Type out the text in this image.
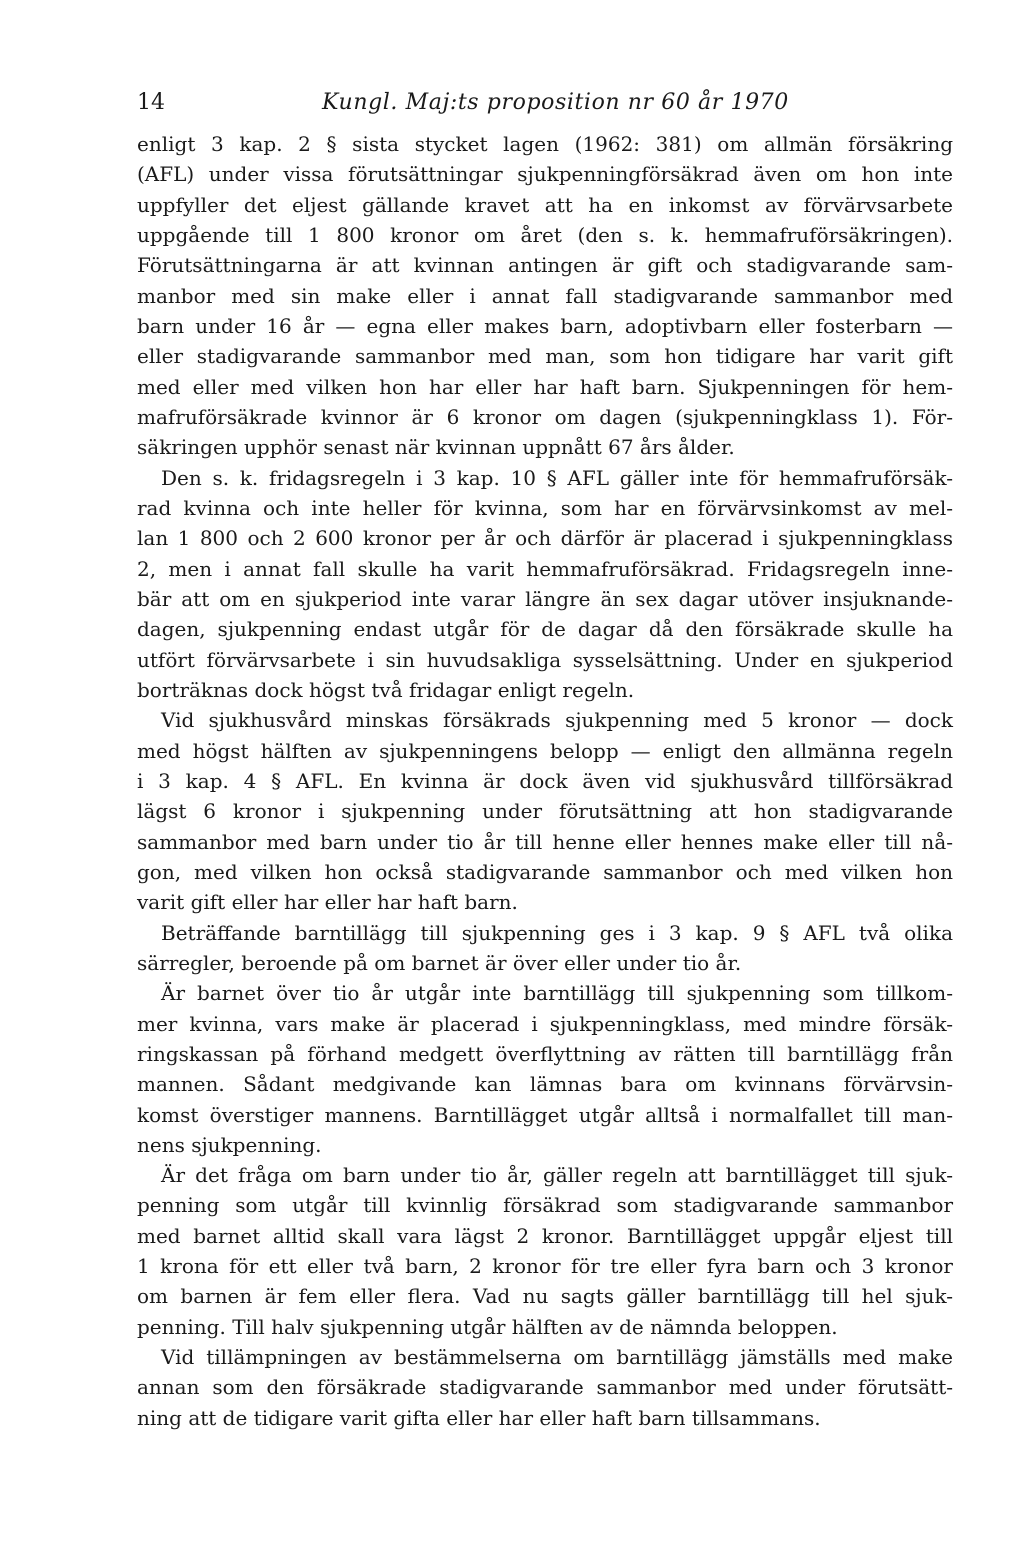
14	Kungl. Maj:ts proposition nr 60 år 1970
enligt 3 kap. 2 § sista stycket lagen (1962: 381) om allmän försäkring
(AFL) under vissa förutsättningar sjukpenningförsäkrad även om hon inte
uppfyller det eljest gällande kravet att ha en inkomst av förvärvsarbete
uppgående till 1 800 kronor om året (den s. k. hemmafruförsäkringen).
Förutsättningarna är att kvinnan antingen är gift och stadigvarande sam-
manbor med sin make eller i annat fall stadigvarande sammanbor med
barn under 16 år — egna eller makes barn, adoptivbarn eller fosterbarn —
eller stadigvarande sammanbor med man, som hon tidigare har varit gift
med eller med vilken hon har eller har haft barn. Sjukpenningen för hem-
mafruförsäkrade kvinnor är 6 kronor om dagen (sjukpenningklass 1). För-
säkringen upphör senast när kvinnan uppnått 67 års ålder.
Den s. k. fridagsregeln i 3 kap. 10 § AFL gäller inte för hemmafruförsäk-
rad kvinna och inte heller för kvinna, som har en förvärvsinkomst av mel-
lan 1 800 och 2 600 kronor per år och därför är placerad i sjukpenningklass
2, men i annat fall skulle ha varit hemmafruförsäkrad. Fridagsregeln inne-
bär att om en sjukperiod inte varar längre än sex dagar utöver insjuknande-
dagen, sjukpenning endast utgår för de dagar då den försäkrade skulle ha
utfört förvärvsarbete i sin huvudsakliga sysselsättning. Under en sjukperiod
borträknas dock högst två fridagar enligt regeln.
Vid sjukhusvård minskas försäkrads sjukpenning med 5 kronor — dock
med högst hälften av sjukpenningens belopp — enligt den allmänna regeln
i 3 kap. 4 § AFL. En kvinna är dock även vid sjukhusvård tillförsäkrad
lägst 6 kronor i sjukpenning under förutsättning att hon stadigvarande
sammanbor med barn under tio år till henne eller hennes make eller till nå-
gon, med vilken hon också stadigvarande sammanbor och med vilken hon
varit gift eller har eller har haft barn.
Beträffande barntillägg till sjukpenning ges i 3 kap. 9 § AFL två olika
särregler, beroende på om barnet är över eller under tio år.
Är barnet över tio år utgår inte barntillägg till sjukpenning som tillkom-
mer kvinna, vars make är placerad i sjukpenningklass, med mindre försäk-
ringskassan på förhand medgett överflyttning av rätten till barntillägg från
mannen. Sådant medgivande kan lämnas bara om kvinnans förvärvsin-
komst överstiger mannens. Barntillägget utgår alltså i normalfallet till man-
nens sjukpenning.
Är det fråga om barn under tio år, gäller regeln att barntillägget till sjuk-
penning som utgår till kvinnlig försäkrad som stadigvarande sammanbor
med barnet alltid skall vara lägst 2 kronor. Barntillägget uppgår eljest till
1 krona för ett eller två barn, 2 kronor för tre eller fyra barn och 3 kronor
om barnen är fem eller flera. Vad nu sagts gäller barntillägg till hel sjuk-
penning. Till halv sjukpenning utgår hälften av de nämnda beloppen.
Vid tillämpningen av bestämmelserna om barntillägg jämställs med make
annan som den försäkrade stadigvarande sammanbor med under förutsätt-
ning att de tidigare varit gifta eller har eller haft barn tillsammans.
